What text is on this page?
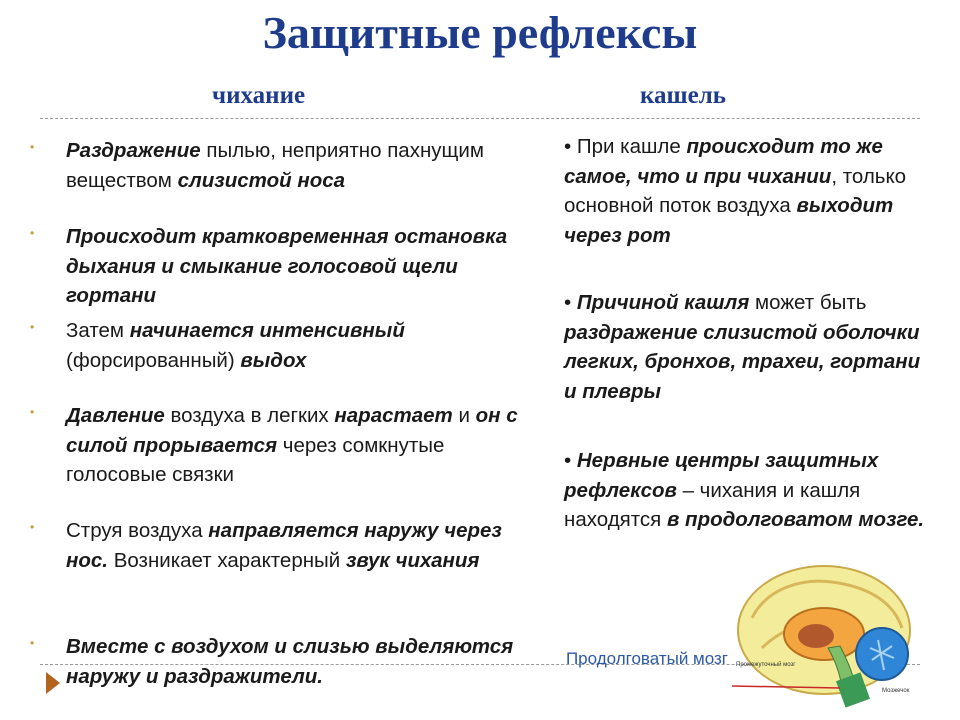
Защитные рефлексы
чихание	кашель
• Раздражение пылью, неприятно пахнущим веществом слизистой носа
• Происходит кратковременная остановка дыхания и смыкание голосовой щели гортани
• Затем начинается интенсивный (форсированный) выдох
• Давление воздуха в легких нарастает и он с силой прорывается через сомкнутые голосовые связки
• Струя воздуха направляется наружу через нос. Возникает характерный звук чихания
• Вместе с воздухом и слизью выделяются наружу и раздражители.
• При кашле происходит то же самое, что и при чихании, только основной поток воздуха выходит через рот
• Причиной кашля может быть раздражение слизистой оболочки легких, бронхов, трахеи, гортани и плевры
• Нервные центры защитных рефлексов – чихания и кашля находятся в продолговатом мозге.
Промежуточный мозг
Мозжечок
Продолговатый мозг
